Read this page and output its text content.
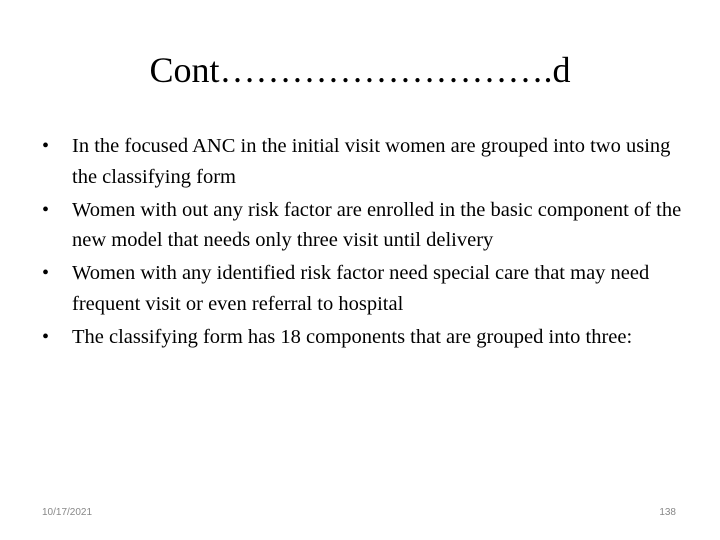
Cont……………………….d
•	In the focused ANC in the initial visit women are grouped into two using the classifying form
•	Women with out any risk factor are enrolled in the basic component of the new model that needs only three visit until delivery
•	Women with any identified risk factor need special care that may need frequent visit or even referral to hospital
•	The classifying form has 18 components that are grouped into three:
10/17/2021	138
